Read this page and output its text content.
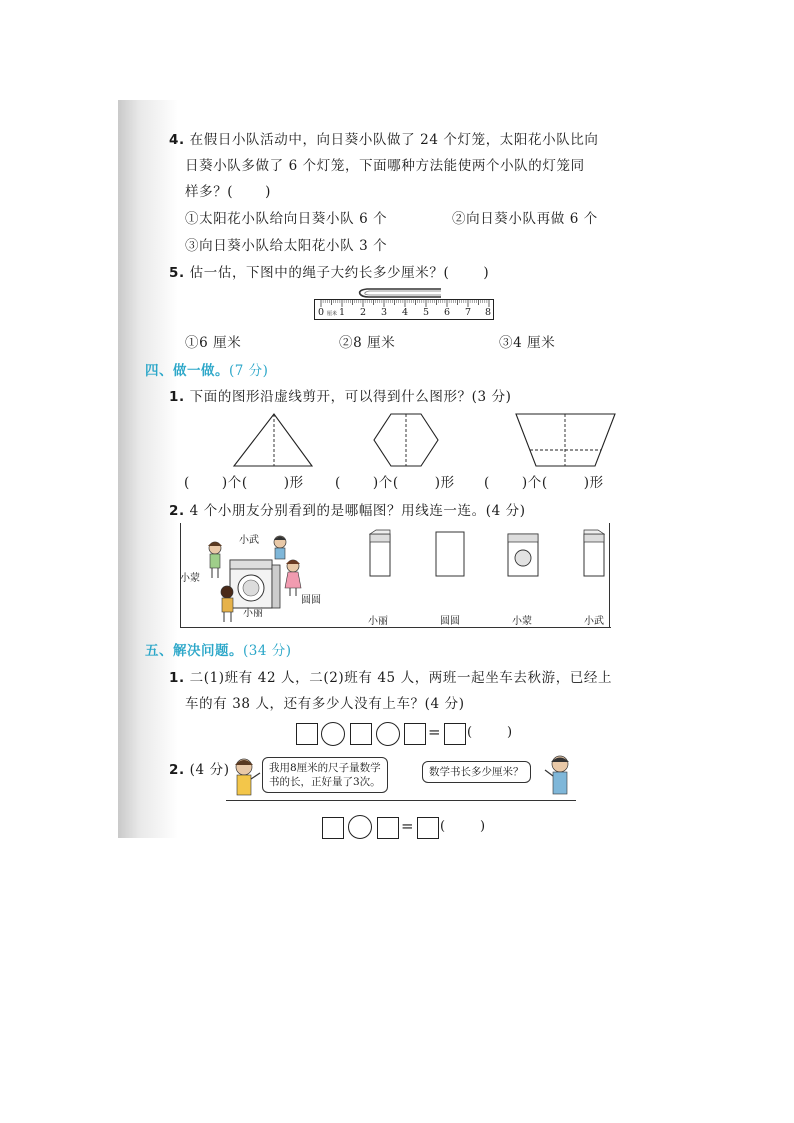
4. 在假日小队活动中，向日葵小队做了 24 个灯笼，太阳花小队比向
日葵小队多做了 6 个灯笼，下面哪种方法能使两个小队的灯笼同
样多？( )
①太阳花小队给向日葵小队 6 个	②向日葵小队再做 6 个
③向日葵小队给太阳花小队 3 个
5. 估一估，下图中的绳子大约长多少厘米？(	)
0 厘米 1 2 3 4 5 6 7 8
①6 厘米	②8 厘米	③4 厘米
四、做一做。(7 分)
1. 下面的图形沿虚线剪开，可以得到什么图形？(3 分)
( )个(	)形 ( )个(	)形 ( )个(	)形
2. 4 个小朋友分别看到的是哪幅图？用线连一连。(4 分)
小武
小蒙
圆圆
小丽
小丽	圆圆	小蒙	小武
五、解决问题。(34 分)
1. 二(1)班有 42 人，二(2)班有 45 人，两班一起坐车去秋游，已经上
车的有 38 人，还有多少人没有上车？(4 分)
= (	)
2. (4 分)	我用8厘米的尺子量数学
书的长，正好量了3次。
数学书长多少厘米？
= (	)
